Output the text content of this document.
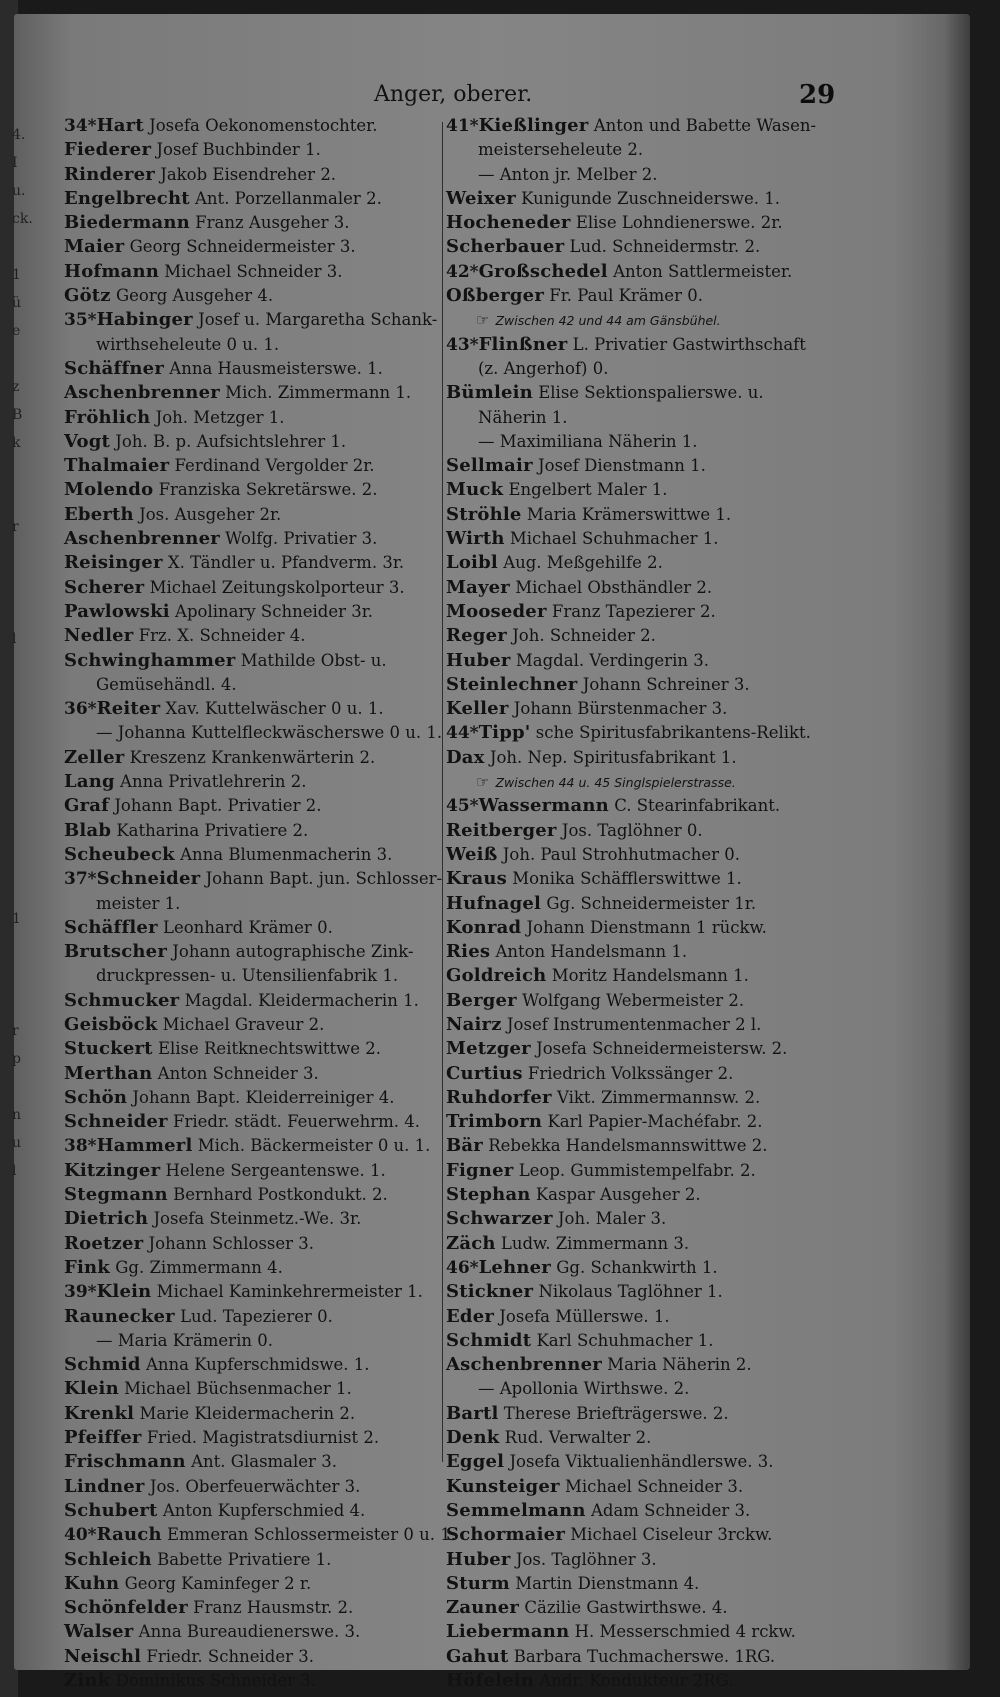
4.
I
u.
ck.
1
ü
e
z
B
k
r
l
1
r
p
n
u
l
Anger, oberer.	29
34*Hart Josefa Oekonomenstochter.
Fiederer Josef Buchbinder 1.
Rinderer Jakob Eisendreher 2.
Engelbrecht Ant. Porzellanmaler 2.
Biedermann Franz Ausgeher 3.
Maier Georg Schneidermeister 3.
Hofmann Michael Schneider 3.
Götz Georg Ausgeher 4.
35*Habinger Josef u. Margaretha Schank-
wirthseheleute 0 u. 1.
Schäffner Anna Hausmeisterswe. 1.
Aschenbrenner Mich. Zimmermann 1.
Fröhlich Joh. Metzger 1.
Vogt Joh. B. p. Aufsichtslehrer 1.
Thalmaier Ferdinand Vergolder 2r.
Molendo Franziska Sekretärswe. 2.
Eberth Jos. Ausgeher 2r.
Aschenbrenner Wolfg. Privatier 3.
Reisinger X. Tändler u. Pfandverm. 3r.
Scherer Michael Zeitungskolporteur 3.
Pawlowski Apolinary Schneider 3r.
Nedler Frz. X. Schneider 4.
Schwinghammer Mathilde Obst- u.
Gemüsehändl. 4.
36*Reiter Xav. Kuttelwäscher 0 u. 1.
— Johanna Kuttelfleckwäscherswe 0 u. 1.
Zeller Kreszenz Krankenwärterin 2.
Lang Anna Privatlehrerin 2.
Graf Johann Bapt. Privatier 2.
Blab Katharina Privatiere 2.
Scheubeck Anna Blumenmacherin 3.
37*Schneider Johann Bapt. jun. Schlosser-
meister 1.
Schäffler Leonhard Krämer 0.
Brutscher Johann autographische Zink-
druckpressen- u. Utensilienfabrik 1.
Schmucker Magdal. Kleidermacherin 1.
Geisböck Michael Graveur 2.
Stuckert Elise Reitknechtswittwe 2.
Merthan Anton Schneider 3.
Schön Johann Bapt. Kleiderreiniger 4.
Schneider Friedr. städt. Feuerwehrm. 4.
38*Hammerl Mich. Bäckermeister 0 u. 1.
Kitzinger Helene Sergeantenswe. 1.
Stegmann Bernhard Postkondukt. 2.
Dietrich Josefa Steinmetz.-We. 3r.
Roetzer Johann Schlosser 3.
Fink Gg. Zimmermann 4.
39*Klein Michael Kaminkehrermeister 1.
Raunecker Lud. Tapezierer 0.
— Maria Krämerin 0.
Schmid Anna Kupferschmidswe. 1.
Klein Michael Büchsenmacher 1.
Krenkl Marie Kleidermacherin 2.
Pfeiffer Fried. Magistratsdiurnist 2.
Frischmann Ant. Glasmaler 3.
Lindner Jos. Oberfeuerwächter 3.
Schubert Anton Kupferschmied 4.
40*Rauch Emmeran Schlossermeister 0 u. 1.
Schleich Babette Privatiere 1.
Kuhn Georg Kaminfeger 2 r.
Schönfelder Franz Hausmstr. 2.
Walser Anna Bureaudienerswe. 3.
Neischl Friedr. Schneider 3.
Zink Dominikus Schneider 3.
41*Kießlinger Anton und Babette Wasen-
meisterseheleute 2.
— Anton jr. Melber 2.
Weixer Kunigunde Zuschneiderswe. 1.
Hocheneder Elise Lohndienerswe. 2r.
Scherbauer Lud. Schneidermstr. 2.
42*Großschedel Anton Sattlermeister.
Oßberger Fr. Paul Krämer 0.
☞ Zwischen 42 und 44 am Gänsbühel.
43*Flinßner L. Privatier Gastwirthschaft
(z. Angerhof) 0.
Bümlein Elise Sektionspalierswe. u.
Näherin 1.
— Maximiliana Näherin 1.
Sellmair Josef Dienstmann 1.
Muck Engelbert Maler 1.
Ströhle Maria Krämerswittwe 1.
Wirth Michael Schuhmacher 1.
Loibl Aug. Meßgehilfe 2.
Mayer Michael Obsthändler 2.
Mooseder Franz Tapezierer 2.
Reger Joh. Schneider 2.
Huber Magdal. Verdingerin 3.
Steinlechner Johann Schreiner 3.
Keller Johann Bürstenmacher 3.
44*Tipp' sche Spiritusfabrikantens-Relikt.
Dax Joh. Nep. Spiritusfabrikant 1.
☞ Zwischen 44 u. 45 Singlspielerstrasse.
45*Wassermann C. Stearinfabrikant.
Reitberger Jos. Taglöhner 0.
Weiß Joh. Paul Strohhutmacher 0.
Kraus Monika Schäfflerswittwe 1.
Hufnagel Gg. Schneidermeister 1r.
Konrad Johann Dienstmann 1 rückw.
Ries Anton Handelsmann 1.
Goldreich Moritz Handelsmann 1.
Berger Wolfgang Webermeister 2.
Nairz Josef Instrumentenmacher 2 l.
Metzger Josefa Schneidermeistersw. 2.
Curtius Friedrich Volkssänger 2.
Ruhdorfer Vikt. Zimmermannsw. 2.
Trimborn Karl Papier-Machéfabr. 2.
Bär Rebekka Handelsmannswittwe 2.
Figner Leop. Gummistempelfabr. 2.
Stephan Kaspar Ausgeher 2.
Schwarzer Joh. Maler 3.
Zäch Ludw. Zimmermann 3.
46*Lehner Gg. Schankwirth 1.
Stickner Nikolaus Taglöhner 1.
Eder Josefa Müllerswe. 1.
Schmidt Karl Schuhmacher 1.
Aschenbrenner Maria Näherin 2.
— Apollonia Wirthswe. 2.
Bartl Therese Briefträgerswe. 2.
Denk Rud. Verwalter 2.
Eggel Josefa Viktualienhändlerswe. 3.
Kunsteiger Michael Schneider 3.
Semmelmann Adam Schneider 3.
Schormaier Michael Ciseleur 3rckw.
Huber Jos. Taglöhner 3.
Sturm Martin Dienstmann 4.
Zauner Cäzilie Gastwirthswe. 4.
Liebermann H. Messerschmied 4 rckw.
Gahut Barbara Tuchmacherswe. 1RG.
Höfelein Andr. Kondukteur 2RG.
